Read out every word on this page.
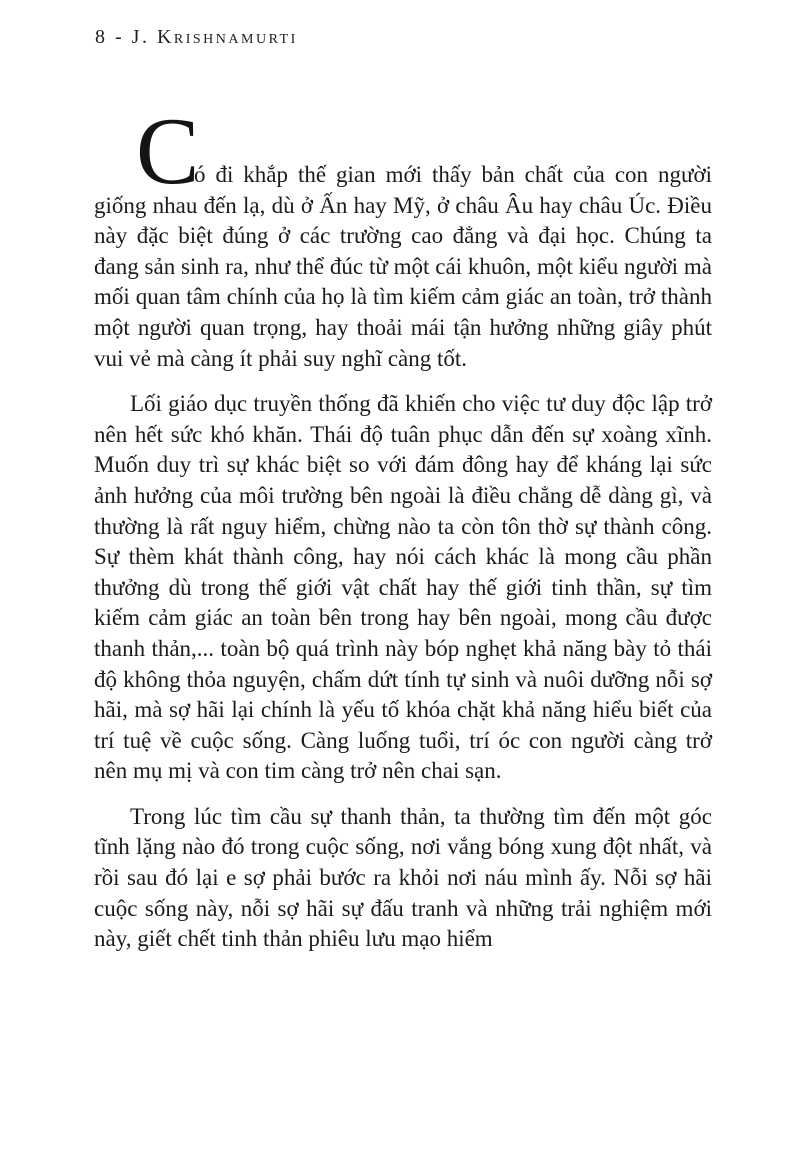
8 - J. Krishnamurti

C
ó đi khắp thế gian mới thấy bản chất của con người giống nhau đến lạ, dù ở Ấn hay Mỹ, ở châu Âu hay châu Úc. Điều này đặc biệt đúng ở các trường cao đẳng và đại học. Chúng ta đang sản sinh ra, như thể đúc từ một cái khuôn, một kiểu người mà mối quan tâm chính của họ là tìm kiếm cảm giác an toàn, trở thành một người quan trọng, hay thoải mái tận hưởng những giây phút vui vẻ mà càng ít phải suy nghĩ càng tốt.

Lối giáo dục truyền thống đã khiến cho việc tư duy độc lập trở nên hết sức khó khăn. Thái độ tuân phục dẫn đến sự xoàng xĩnh. Muốn duy trì sự khác biệt so với đám đông hay để kháng lại sức ảnh hưởng của môi trường bên ngoài là điều chẳng dễ dàng gì, và thường là rất nguy hiểm, chừng nào ta còn tôn thờ sự thành công. Sự thèm khát thành công, hay nói cách khác là mong cầu phần thưởng dù trong thế giới vật chất hay thế giới tinh thần, sự tìm kiếm cảm giác an toàn bên trong hay bên ngoài, mong cầu được thanh thản,... toàn bộ quá trình này bóp nghẹt khả năng bày tỏ thái độ không thỏa nguyện, chấm dứt tính tự sinh và nuôi dưỡng nỗi sợ hãi, mà sợ hãi lại chính là yếu tố khóa chặt khả năng hiểu biết của trí tuệ về cuộc sống. Càng luống tuổi, trí óc con người càng trở nên mụ mị và con tim càng trở nên chai sạn.

Trong lúc tìm cầu sự thanh thản, ta thường tìm đến một góc tĩnh lặng nào đó trong cuộc sống, nơi vắng bóng xung đột nhất, và rồi sau đó lại e sợ phải bước ra khỏi nơi náu mình ấy. Nỗi sợ hãi cuộc sống này, nỗi sợ hãi sự đấu tranh và những trải nghiệm mới này, giết chết tinh thản phiêu lưu mạo hiểm
